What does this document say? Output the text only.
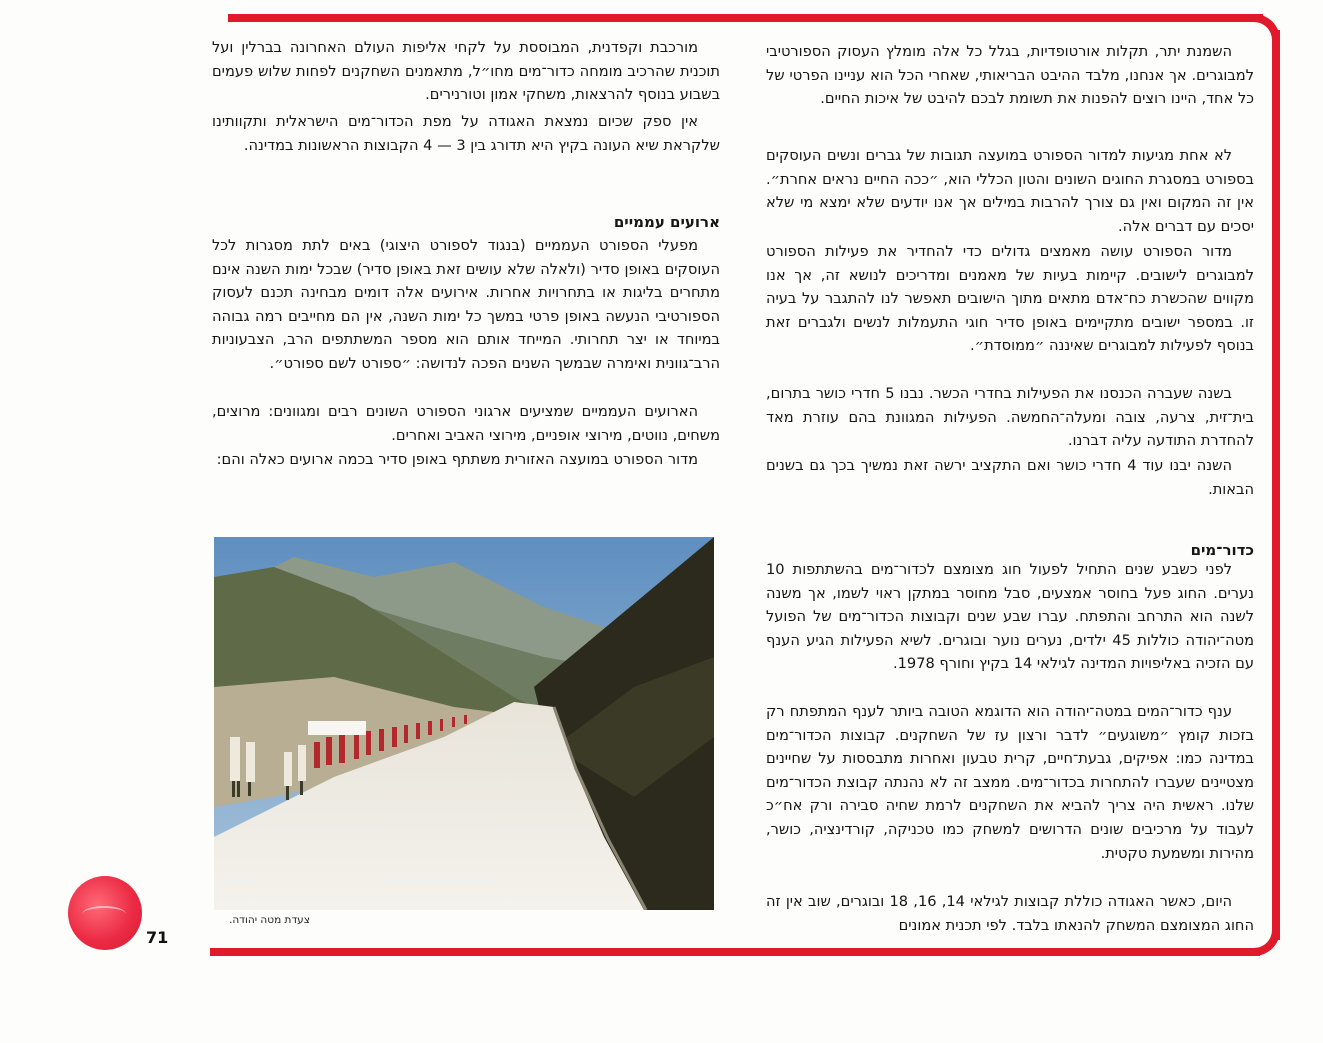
71

השמנת יתר, תקלות אורטופדיות, בגלל כל אלה מומלץ העסוק הספורטיבי למבוגרים. אך אנחנו, מלבד ההיבט הבריאותי, שאחרי הכל הוא עניינו הפרטי של כל אחד, היינו רוצים להפנות את תשומת לבכם להיבט של איכות החיים.

לא אחת מגיעות למדור הספורט במועצה תגובות של גברים ונשים העוסקים בספורט במסגרת החוגים השונים והטון הכללי הוא, ״ככה החיים נראים אחרת״. אין זה המקום ואין גם צורך להרבות במילים אך אנו יודעים שלא ימצא מי שלא יסכים עם דברים אלה.

מדור הספורט עושה מאמצים גדולים כדי להחדיר את פעילות הספורט למבוגרים לישובים. קיימות בעיות של מאמנים ומדריכים לנושא זה, אך אנו מקווים שהכשרת כח־אדם מתאים מתוך הישובים תאפשר לנו להתגבר על בעיה זו. במספר ישובים מתקיימים באופן סדיר חוגי התעמלות לנשים ולגברים זאת בנוסף לפעילות למבוגרים שאיננה ״ממוסדת״.

בשנה שעברה הכנסנו את הפעילות בחדרי הכשר. נבנו 5 חדרי כושר בתרום, בית־זית, צרעה, צובה ומעלה־החמשה. הפעילות המגוונת בהם עוזרת מאד להחדרת התודעה עליה דברנו.

השנה יבנו עוד 4 חדרי כושר ואם התקציב ירשה זאת נמשיך בכך גם בשנים הבאות.

כדור־מים

לפני כשבע שנים התחיל לפעול חוג מצומצם לכדור־מים בהשתתפות 10 נערים. החוג פעל בחוסר אמצעים, סבל מחוסר במתקן ראוי לשמו, אך משנה לשנה הוא התרחב והתפתח. עברו שבע שנים וקבוצות הכדור־מים של הפועל מטה־יהודה כוללות 45 ילדים, נערים נוער ובוגרים. לשיא הפעילות הגיע הענף עם הזכיה באליפויות המדינה לגילאי 14 בקיץ וחורף 1978.

ענף כדור־המים במטה־יהודה הוא הדוגמא הטובה ביותר לענף המתפתח רק בזכות קומץ ״משוגעים״ לדבר ורצון עז של השחקנים. קבוצות הכדור־מים במדינה כמו: אפיקים, גבעת־חיים, קרית טבעון ואחרות מתבססות על שחיינים מצטיינים שעברו להתחרות בכדור־מים. ממצב זה לא נהנתה קבוצת הכדור־מים שלנו. ראשית היה צריך להביא את השחקנים לרמת שחיה סבירה ורק אח״כ לעבוד על מרכיבים שונים הדרושים למשחק כמו טכניקה, קורדינציה, כושר, מהירות ומשמעת טקטית.

היום, כאשר האגודה כוללת קבוצות לגילאי 14, 16, 18 ובוגרים, שוב אין זה החוג המצומצם המשחק להנאתו בלבד. לפי תכנית אמונים

מורכבת וקפדנית, המבוססת על לקחי אליפות העולם האחרונה בברלין ועל תוכנית שהרכיב מומחה כדור־מים מחו״ל, מתאמנים השחקנים לפחות שלוש פעמים בשבוע בנוסף להרצאות, משחקי אמון וטורנירים.

אין ספק שכיום נמצאת האגודה על מפת הכדור־מים הישראלית ותקוותינו שלקראת שיא העונה בקיץ היא תדורג בין 3 — 4 הקבוצות הראשונות במדינה.

ארועים עממיים

מפעלי הספורט העממיים (בנגוד לספורט היצוגי) באים לתת מסגרות לכל העוסקים באופן סדיר (ולאלה שלא עושים זאת באופן סדיר) שבכל ימות השנה אינם מתחרים בליגות או בתחרויות אחרות. אירועים אלה דומים מבחינה תכנם לעסוק הספורטיבי הנעשה באופן פרטי במשך כל ימות השנה, אין הם מחייבים רמה גבוהה במיוחד או יצר תחרותי. המייחד אותם הוא מספר המשתתפים הרב, הצבעוניות הרב־גוונית ואימרה שבמשך השנים הפכה לנדושה: ״ספורט לשם ספורט״.

הארועים העממיים שמציעים ארגוני הספורט השונים רבים ומגוונים: מרוצים, משחים, נווטים, מירוצי אופניים, מירוצי האביב ואחרים.

מדור הספורט במועצה האזורית משתתף באופן סדיר בכמה ארועים כאלה והם:

צעדת מטה יהודה.
